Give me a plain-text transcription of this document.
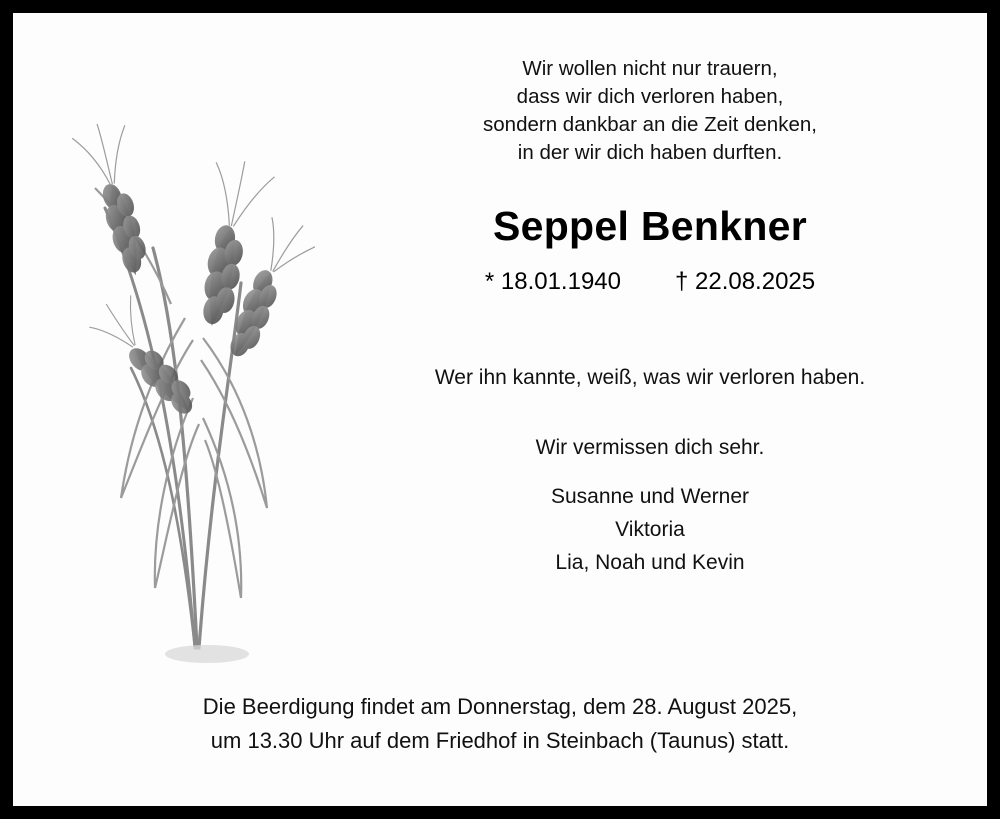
Wir wollen nicht nur trauern,
dass wir dich verloren haben,
sondern dankbar an die Zeit denken,
in der wir dich haben durften.
Seppel Benkner
* 18.01.1940 † 22.08.2025
Wer ihn kannte, weiß, was wir verloren haben.
Wir vermissen dich sehr.
Susanne und Werner
Viktoria
Lia, Noah und Kevin
Die Beerdigung findet am Donnerstag, dem 28. August 2025,
um 13.30 Uhr auf dem Friedhof in Steinbach (Taunus) statt.
